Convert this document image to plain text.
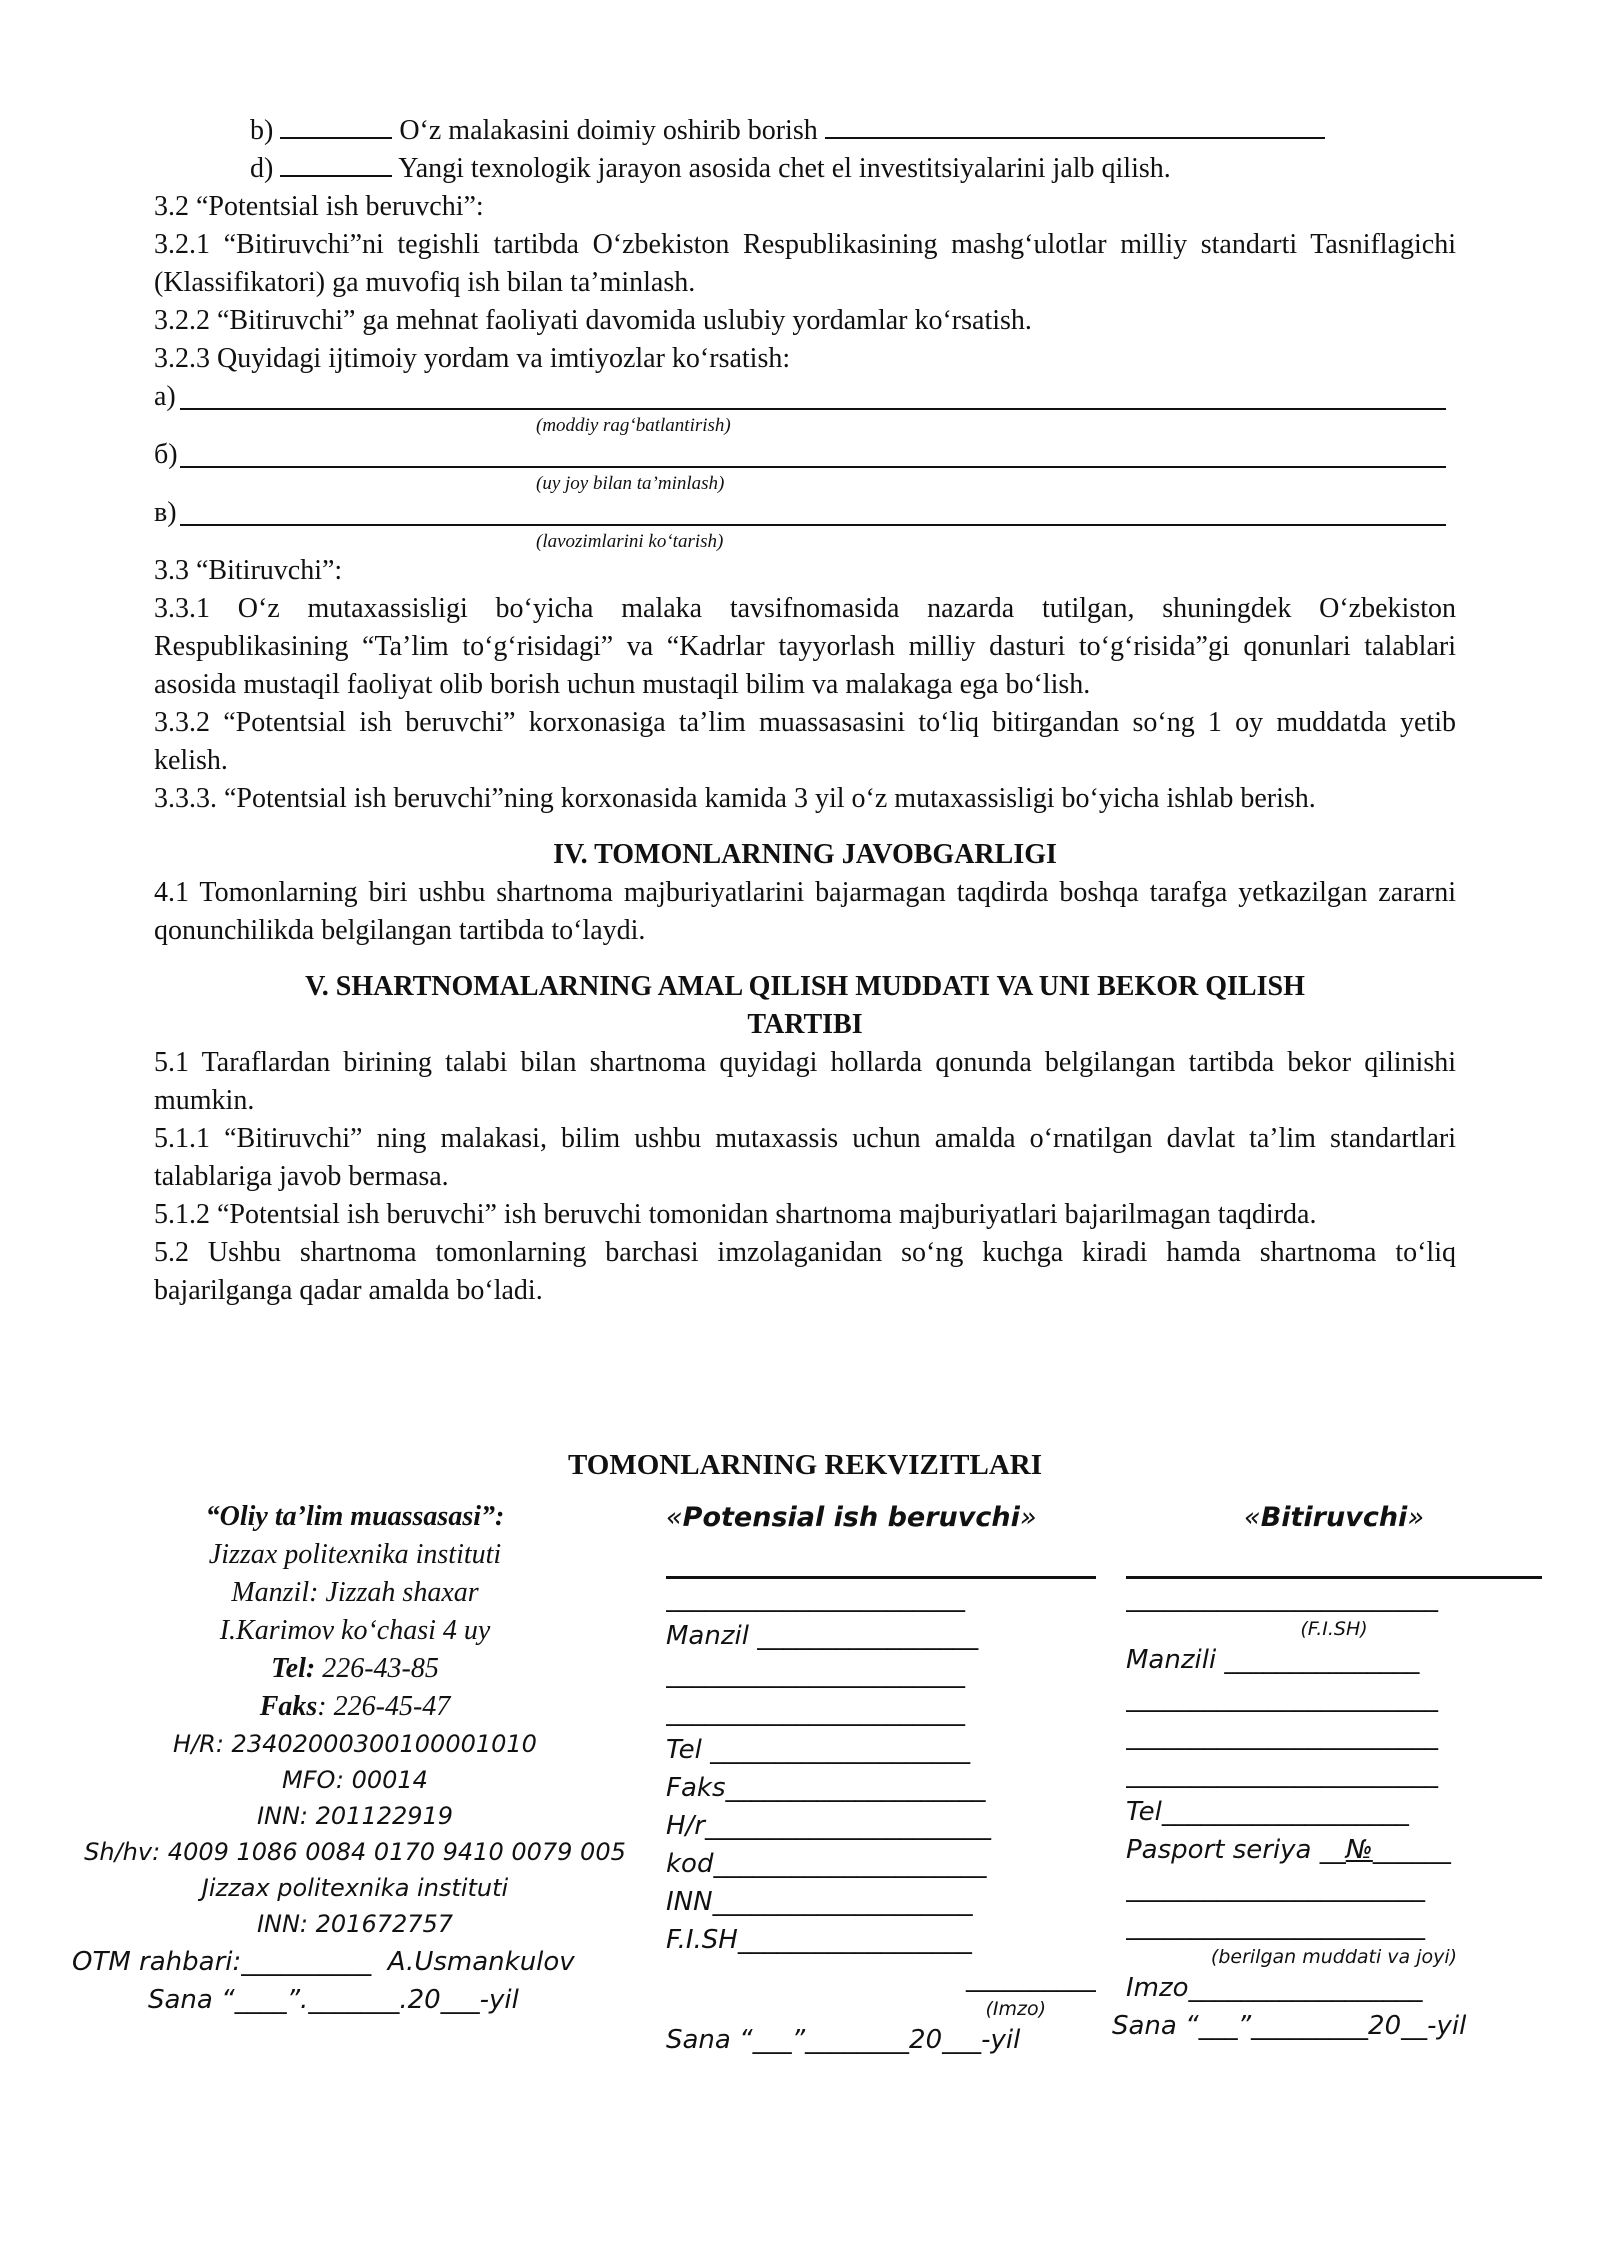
b)	O‘z malakasini doimiy oshirib borish

d)	Yangi texnologik jarayon asosida chet el investitsiyalarini jalb qilish.

3.2 “Potentsial ish beruvchi”:

3.2.1 “Bitiruvchi”ni tegishli tartibda O‘zbekiston Respublikasining mashg‘ulotlar milliy standarti Tasniflagichi (Klassifikatori) ga muvofiq ish bilan ta’minlash.

3.2.2 “Bitiruvchi” ga mehnat faoliyati davomida uslubiy yordamlar ko‘rsatish.

3.2.3 Quyidagi ijtimoiy yordam va imtiyozlar ko‘rsatish:

a)
(moddiy rag‘batlantirish)
б)
(uy joy bilan ta’minlash)
в)
(lavozimlarini ko‘tarish)

3.3 “Bitiruvchi”:

3.3.1 O‘z mutaxassisligi bo‘yicha malaka tavsifnomasida nazarda tutilgan, shuningdek O‘zbekiston Respublikasining “Ta’lim to‘g‘risidagi” va “Kadrlar tayyorlash milliy dasturi to‘g‘risida”gi qonunlari talablari asosida mustaqil faoliyat olib borish uchun mustaqil bilim va malakaga ega bo‘lish.

3.3.2 “Potentsial ish beruvchi” korxonasiga ta’lim muassasasini to‘liq bitirgandan so‘ng 1 oy muddatda yetib kelish.

3.3.3. “Potentsial ish beruvchi”ning korxonasida kamida 3 yil o‘z mutaxassisligi bo‘yicha ishlab berish.

IV. TOMONLARNING JAVOBGARLIGI

4.1 Tomonlarning biri ushbu shartnoma majburiyatlarini bajarmagan taqdirda boshqa tarafga yetkazilgan zararni qonunchilikda belgilangan tartibda to‘laydi.

V. SHARTNOMALARNING AMAL QILISH MUDDATI VA UNI BEKOR QILISH

TARTIBI

5.1 Taraflardan birining talabi bilan shartnoma quyidagi hollarda qonunda belgilangan tartibda bekor qilinishi mumkin.

5.1.1 “Bitiruvchi” ning malakasi, bilim ushbu mutaxassis uchun amalda o‘rnatilgan davlat ta’lim standartlari talablariga javob bermasa.

5.1.2 “Potentsial ish beruvchi” ish beruvchi tomonidan shartnoma majburiyatlari bajarilmagan taqdirda.

5.2 Ushbu shartnoma tomonlarning barchasi imzolaganidan so‘ng kuchga kiradi hamda shartnoma to‘liq bajarilganga qadar amalda bo‘ladi.

TOMONLARNING REKVIZITLARI
“Oliy ta’lim muassasasi”:
Jizzax politexnika instituti
Manzil: Jizzah shaxar
I.Karimov ko‘chasi 4 uy
Tel: 226-43-85
Faks: 226-45-47
H/R: 23402000300100001010
MFO: 00014
INN: 201122919
Sh/hv: 4009 1086 0084 0170 9410 0079 005
Jizzax politexnika instituti
INN: 201672757
OTM rahbari:__________  A.Usmankulov
Sana “____”._______.20___-yil
«Potensial ish beruvchi»
_______________________
Manzil _________________
_______________________
_______________________
Tel ____________________
Faks____________________
H/r______________________
kod_____________________
INN____________________
F.I.SH__________________
__________
(Imzo)
Sana “___”________20___-yil
«Bitiruvchi»
________________________
(F.I.SH)
Manzili _______________
________________________
________________________
________________________
Tel___________________
Pasport seriya __№______
_______________________
_______________________
(berilgan muddati va joyi)
Imzo__________________
Sana “___”_________20__-yil
